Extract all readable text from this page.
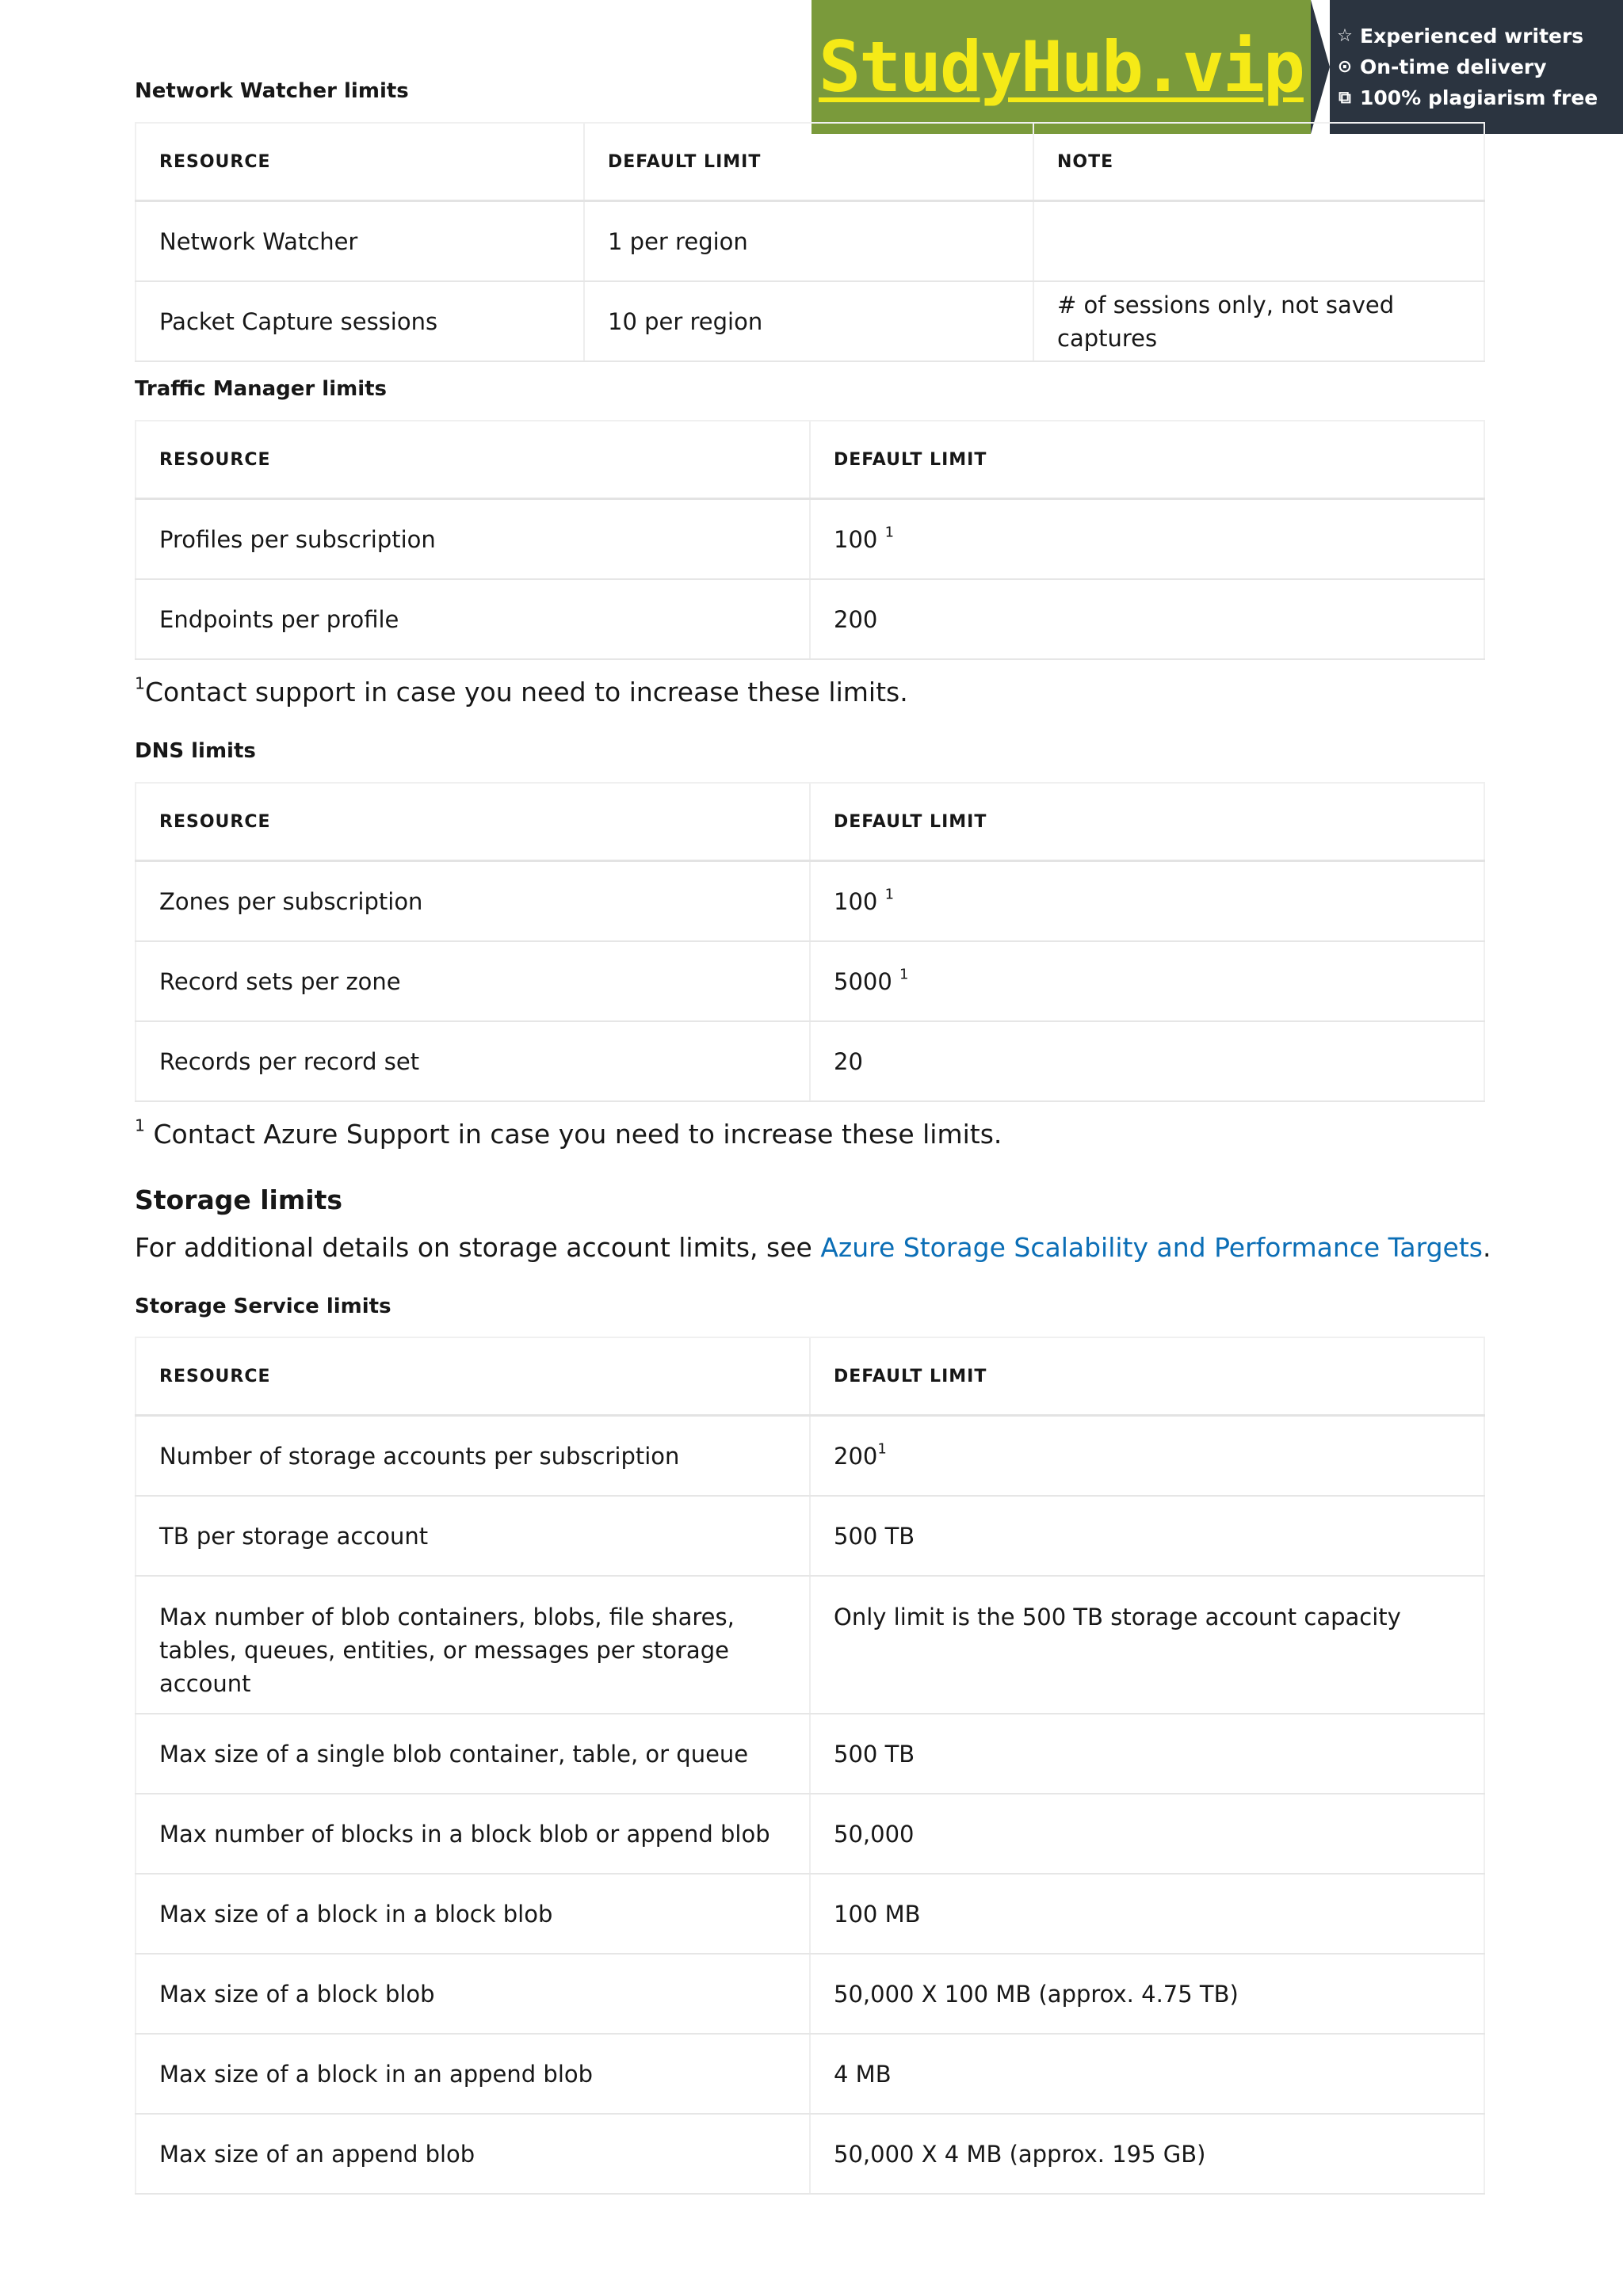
StudyHub.vip ☆ Experienced writers
⊙ On-time delivery
⧉ 100% plagiarism free
Network Watcher limits
RESOURCE	DEFAULT LIMIT	NOTE
Network Watcher	1 per region	
Packet Capture sessions	10 per region	# of sessions only, not saved captures
Traffic Manager limits
RESOURCE	DEFAULT LIMIT
Profiles per subscription	100 $^1$
Endpoints per profile	200
$^1$Contact support in case you need to increase these limits.
DNS limits
RESOURCE	DEFAULT LIMIT
Zones per subscription	100 $^1$
Record sets per zone	5000 $^1$
Records per record set	20
$^1$ Contact Azure Support in case you need to increase these limits.
Storage limits
For additional details on storage account limits, see Azure Storage Scalability and Performance Targets.
Storage Service limits
RESOURCE	DEFAULT LIMIT
Number of storage accounts per subscription	$200^1$
TB per storage account	500 TB
Max number of blob containers, blobs, file shares, tables, queues, entities, or messages per storage account	Only limit is the 500 TB storage account capacity
Max size of a single blob container, table, or queue	500 TB
Max number of blocks in a block blob or append blob	50,000
Max size of a block in a block blob	100 MB
Max size of a block blob	50,000 X 100 MB (approx. 4.75 TB)
Max size of a block in an append blob	4 MB
Max size of an append blob	50,000 X 4 MB (approx. 195 GB)
